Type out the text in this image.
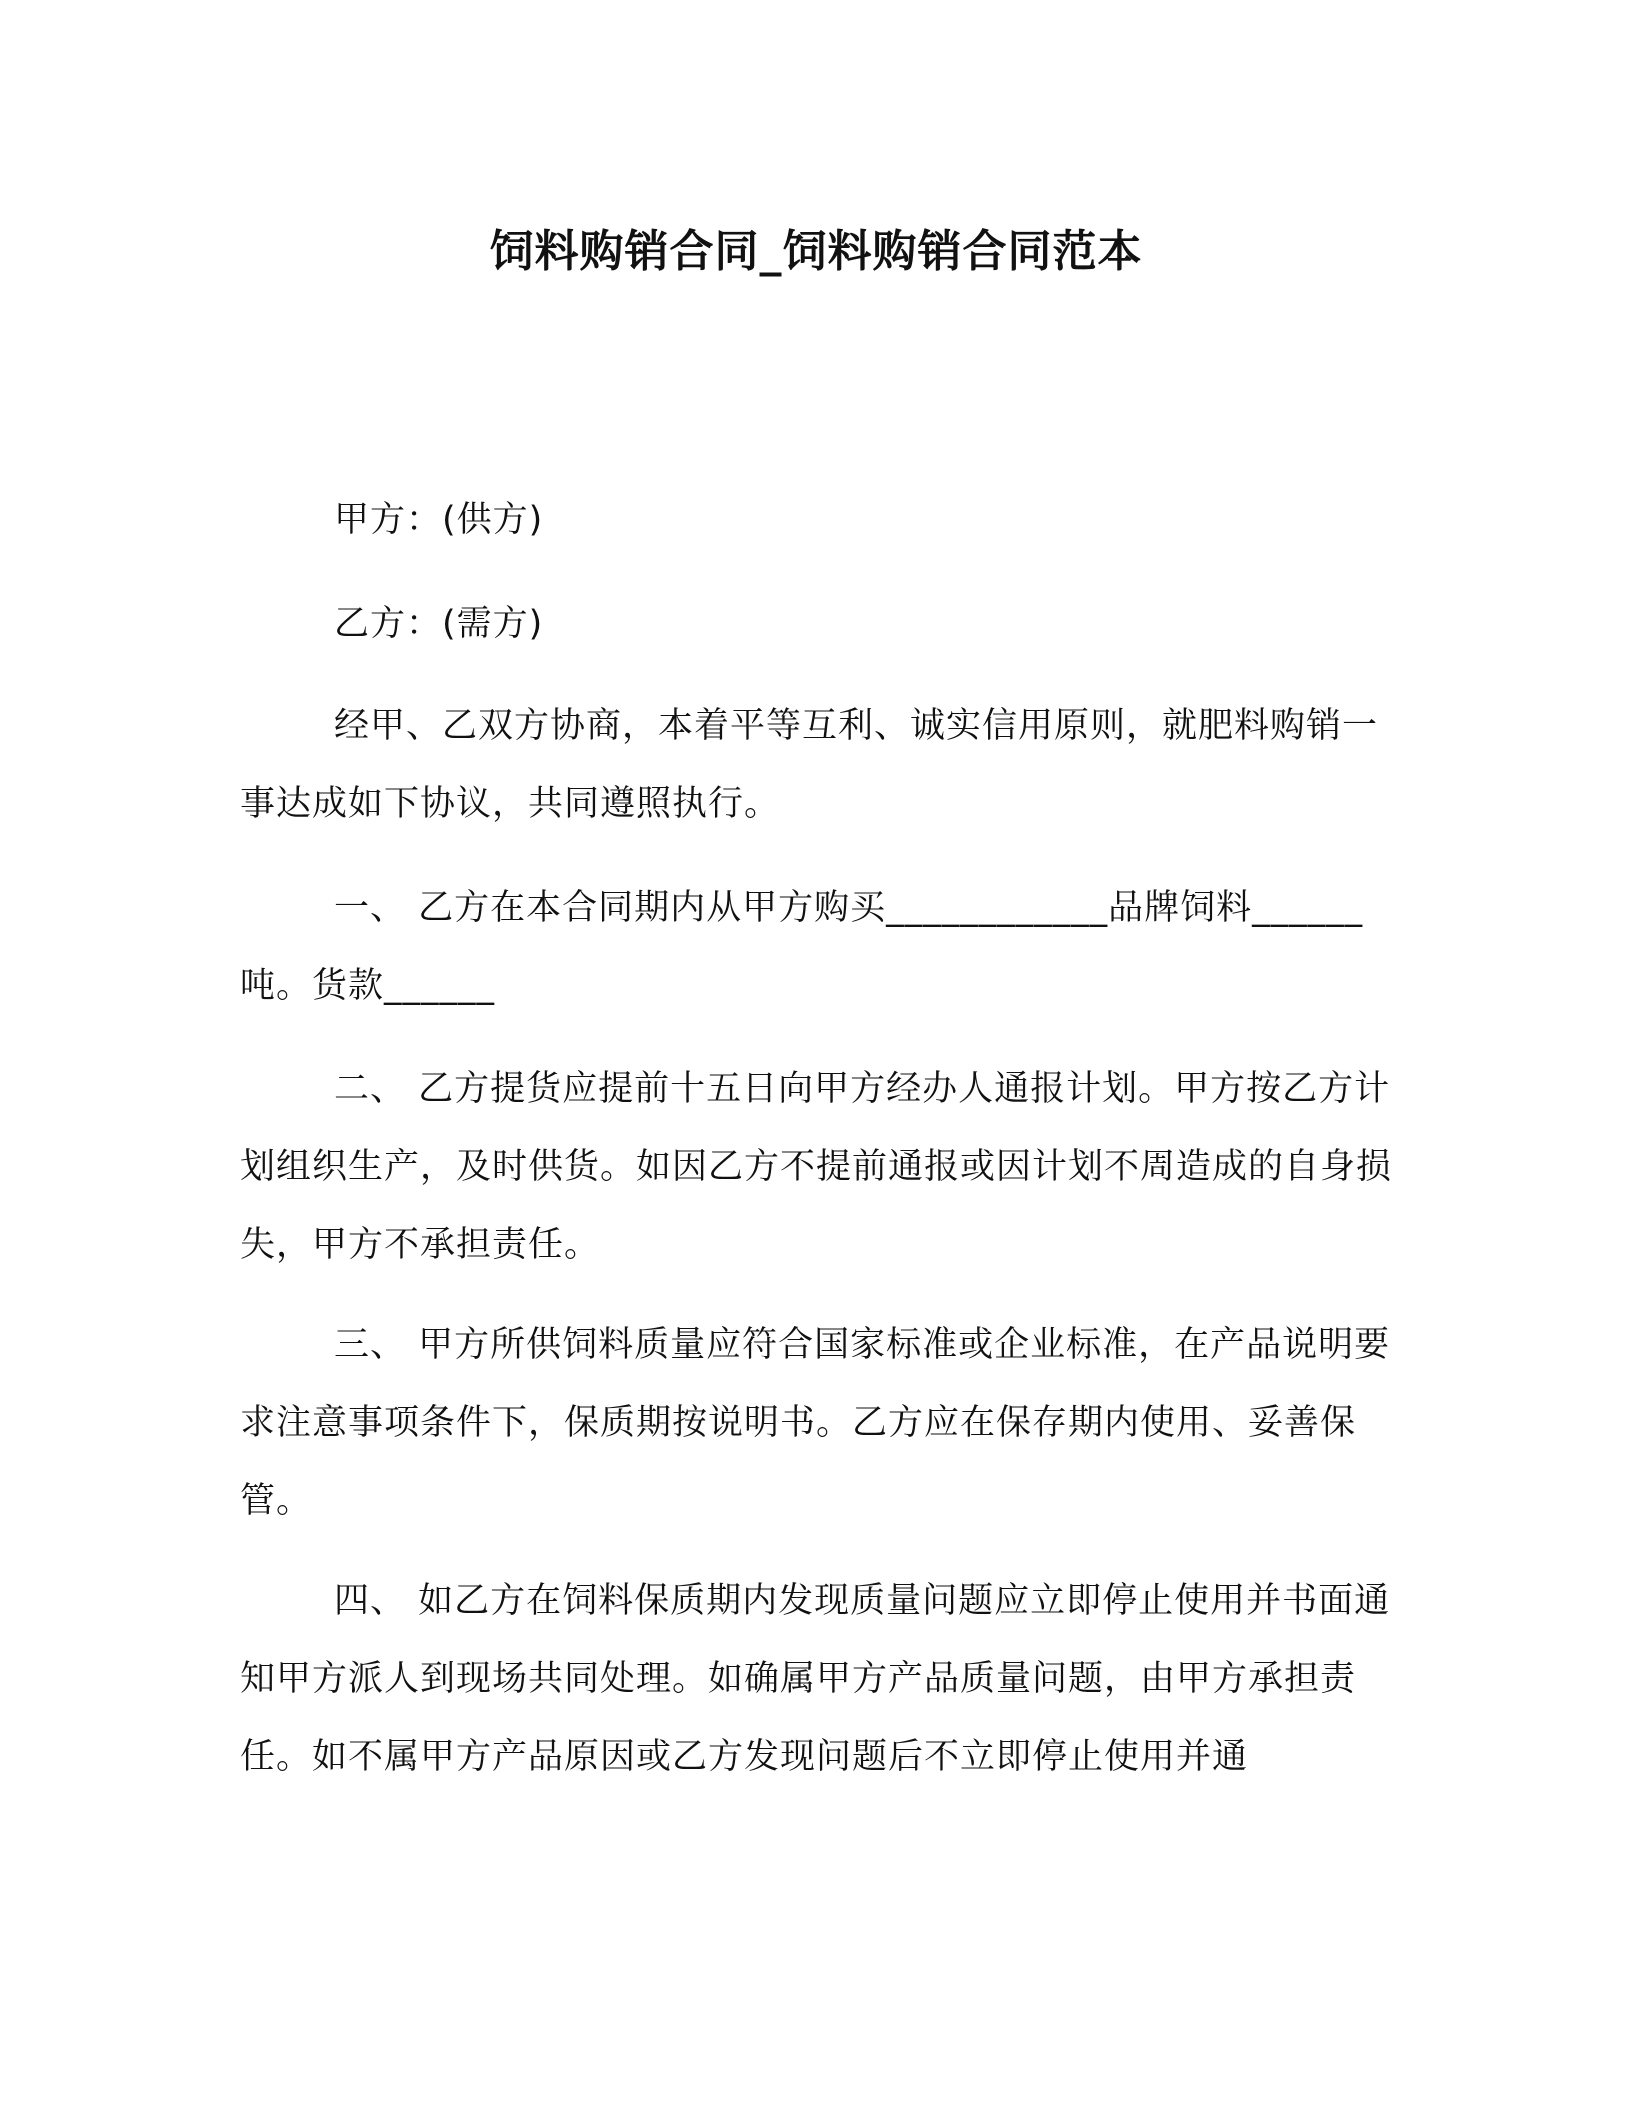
饲料购销合同_饲料购销合同范本
甲方：(供方)
乙方：(需方)
经甲、乙双方协商，本着平等互利、诚实信用原则，就肥料购销一事达成如下协议，共同遵照执行。
一、 乙方在本合同期内从甲方购买____________品牌饲料______吨。货款______
二、 乙方提货应提前十五日向甲方经办人通报计划。甲方按乙方计划组织生产，及时供货。如因乙方不提前通报或因计划不周造成的自身损失，甲方不承担责任。
三、 甲方所供饲料质量应符合国家标准或企业标准，在产品说明要求注意事项条件下，保质期按说明书。乙方应在保存期内使用、妥善保管。
四、 如乙方在饲料保质期内发现质量问题应立即停止使用并书面通知甲方派人到现场共同处理。如确属甲方产品质量问题，由甲方承担责任。如不属甲方产品原因或乙方发现问题后不立即停止使用并通
